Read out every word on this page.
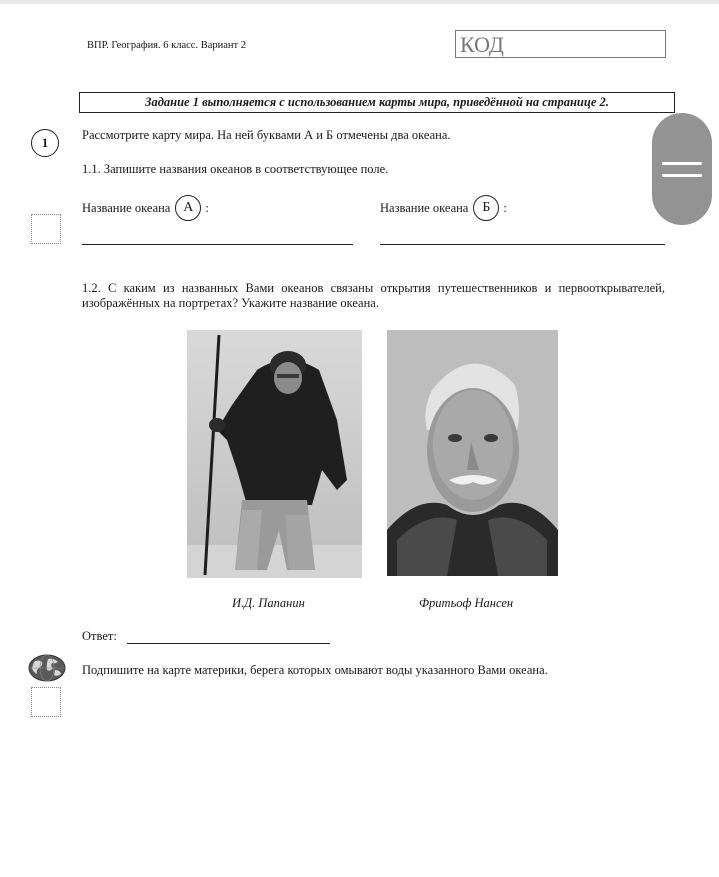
ВПР. География. 6 класс. Вариант 2	КОД
Задание 1 выполняется с использованием карты мира, приведённой на странице 2.
1	Рассмотрите карту мира. На ней буквами А и Б отмечены два океана.
1.1. Запишите названия океанов в соответствующее поле.
Название океана А :	Название океана Б	:
1.2. С каким из названных Вами океанов связаны открытия путешественников и первооткрывателей, изображённых на портретах? Укажите название океана.
И.Д. Папанин	Фритьоф Нансен
Ответ:
Подпишите на карте материки, берега которых омывают воды указанного Вами океана.
